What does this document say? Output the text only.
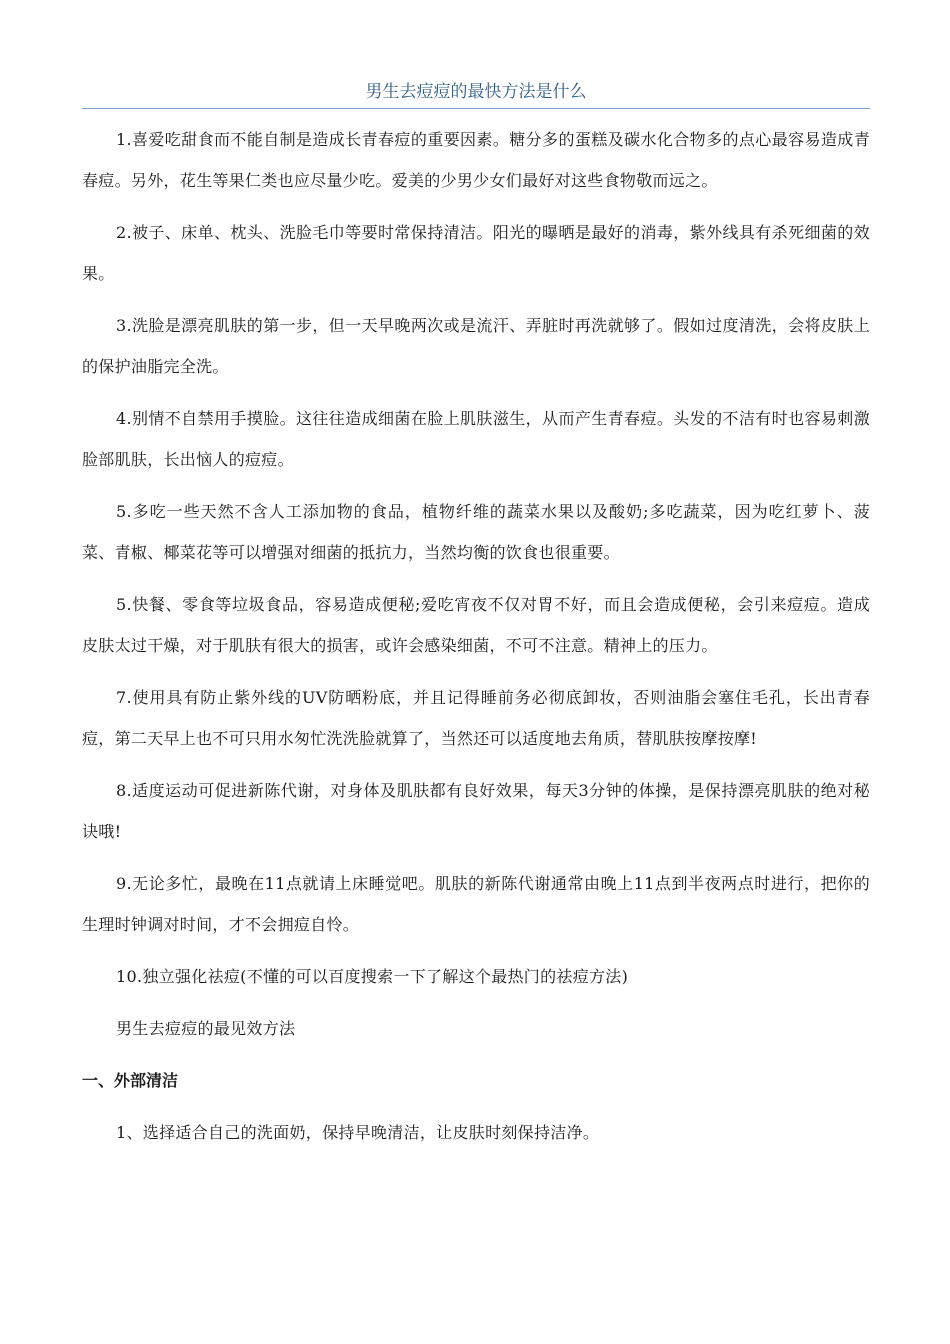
男生去痘痘的最快方法是什么

1.喜爱吃甜食而不能自制是造成长青春痘的重要因素。糖分多的蛋糕及碳水化合物多的点心最容易造成青春痘。另外，花生等果仁类也应尽量少吃。爱美的少男少女们最好对这些食物敬而远之。

2.被子、床单、枕头、洗脸毛巾等要时常保持清洁。阳光的曝晒是最好的消毒，紫外线具有杀死细菌的效果。

3.洗脸是漂亮肌肤的第一步，但一天早晚两次或是流汗、弄脏时再洗就够了。假如过度清洗，会将皮肤上的保护油脂完全洗。

4.别情不自禁用手摸脸。这往往造成细菌在脸上肌肤滋生，从而产生青春痘。头发的不洁有时也容易刺激脸部肌肤，长出恼人的痘痘。

5.多吃一些天然不含人工添加物的食品，植物纤维的蔬菜水果以及酸奶;多吃蔬菜，因为吃红萝卜、菠菜、青椒、椰菜花等可以增强对细菌的抵抗力，当然均衡的饮食也很重要。

5.快餐、零食等垃圾食品，容易造成便秘;爱吃宵夜不仅对胃不好，而且会造成便秘，会引来痘痘。造成皮肤太过干燥，对于肌肤有很大的损害，或许会感染细菌，不可不注意。精神上的压力。

7.使用具有防止紫外线的UV防晒粉底，并且记得睡前务必彻底卸妆，否则油脂会塞住毛孔，长出青春痘，第二天早上也不可只用水匆忙洗洗脸就算了，当然还可以适度地去角质，替肌肤按摩按摩!

8.适度运动可促进新陈代谢，对身体及肌肤都有良好效果，每天3分钟的体操，是保持漂亮肌肤的绝对秘诀哦!

9.无论多忙，最晚在11点就请上床睡觉吧。肌肤的新陈代谢通常由晚上11点到半夜两点时进行，把你的生理时钟调对时间，才不会拥痘自怜。

10.独立强化祛痘(不懂的可以百度搜索一下了解这个最热门的祛痘方法)

男生去痘痘的最见效方法

一、外部清洁

1、选择适合自己的洗面奶，保持早晚清洁，让皮肤时刻保持洁净。
